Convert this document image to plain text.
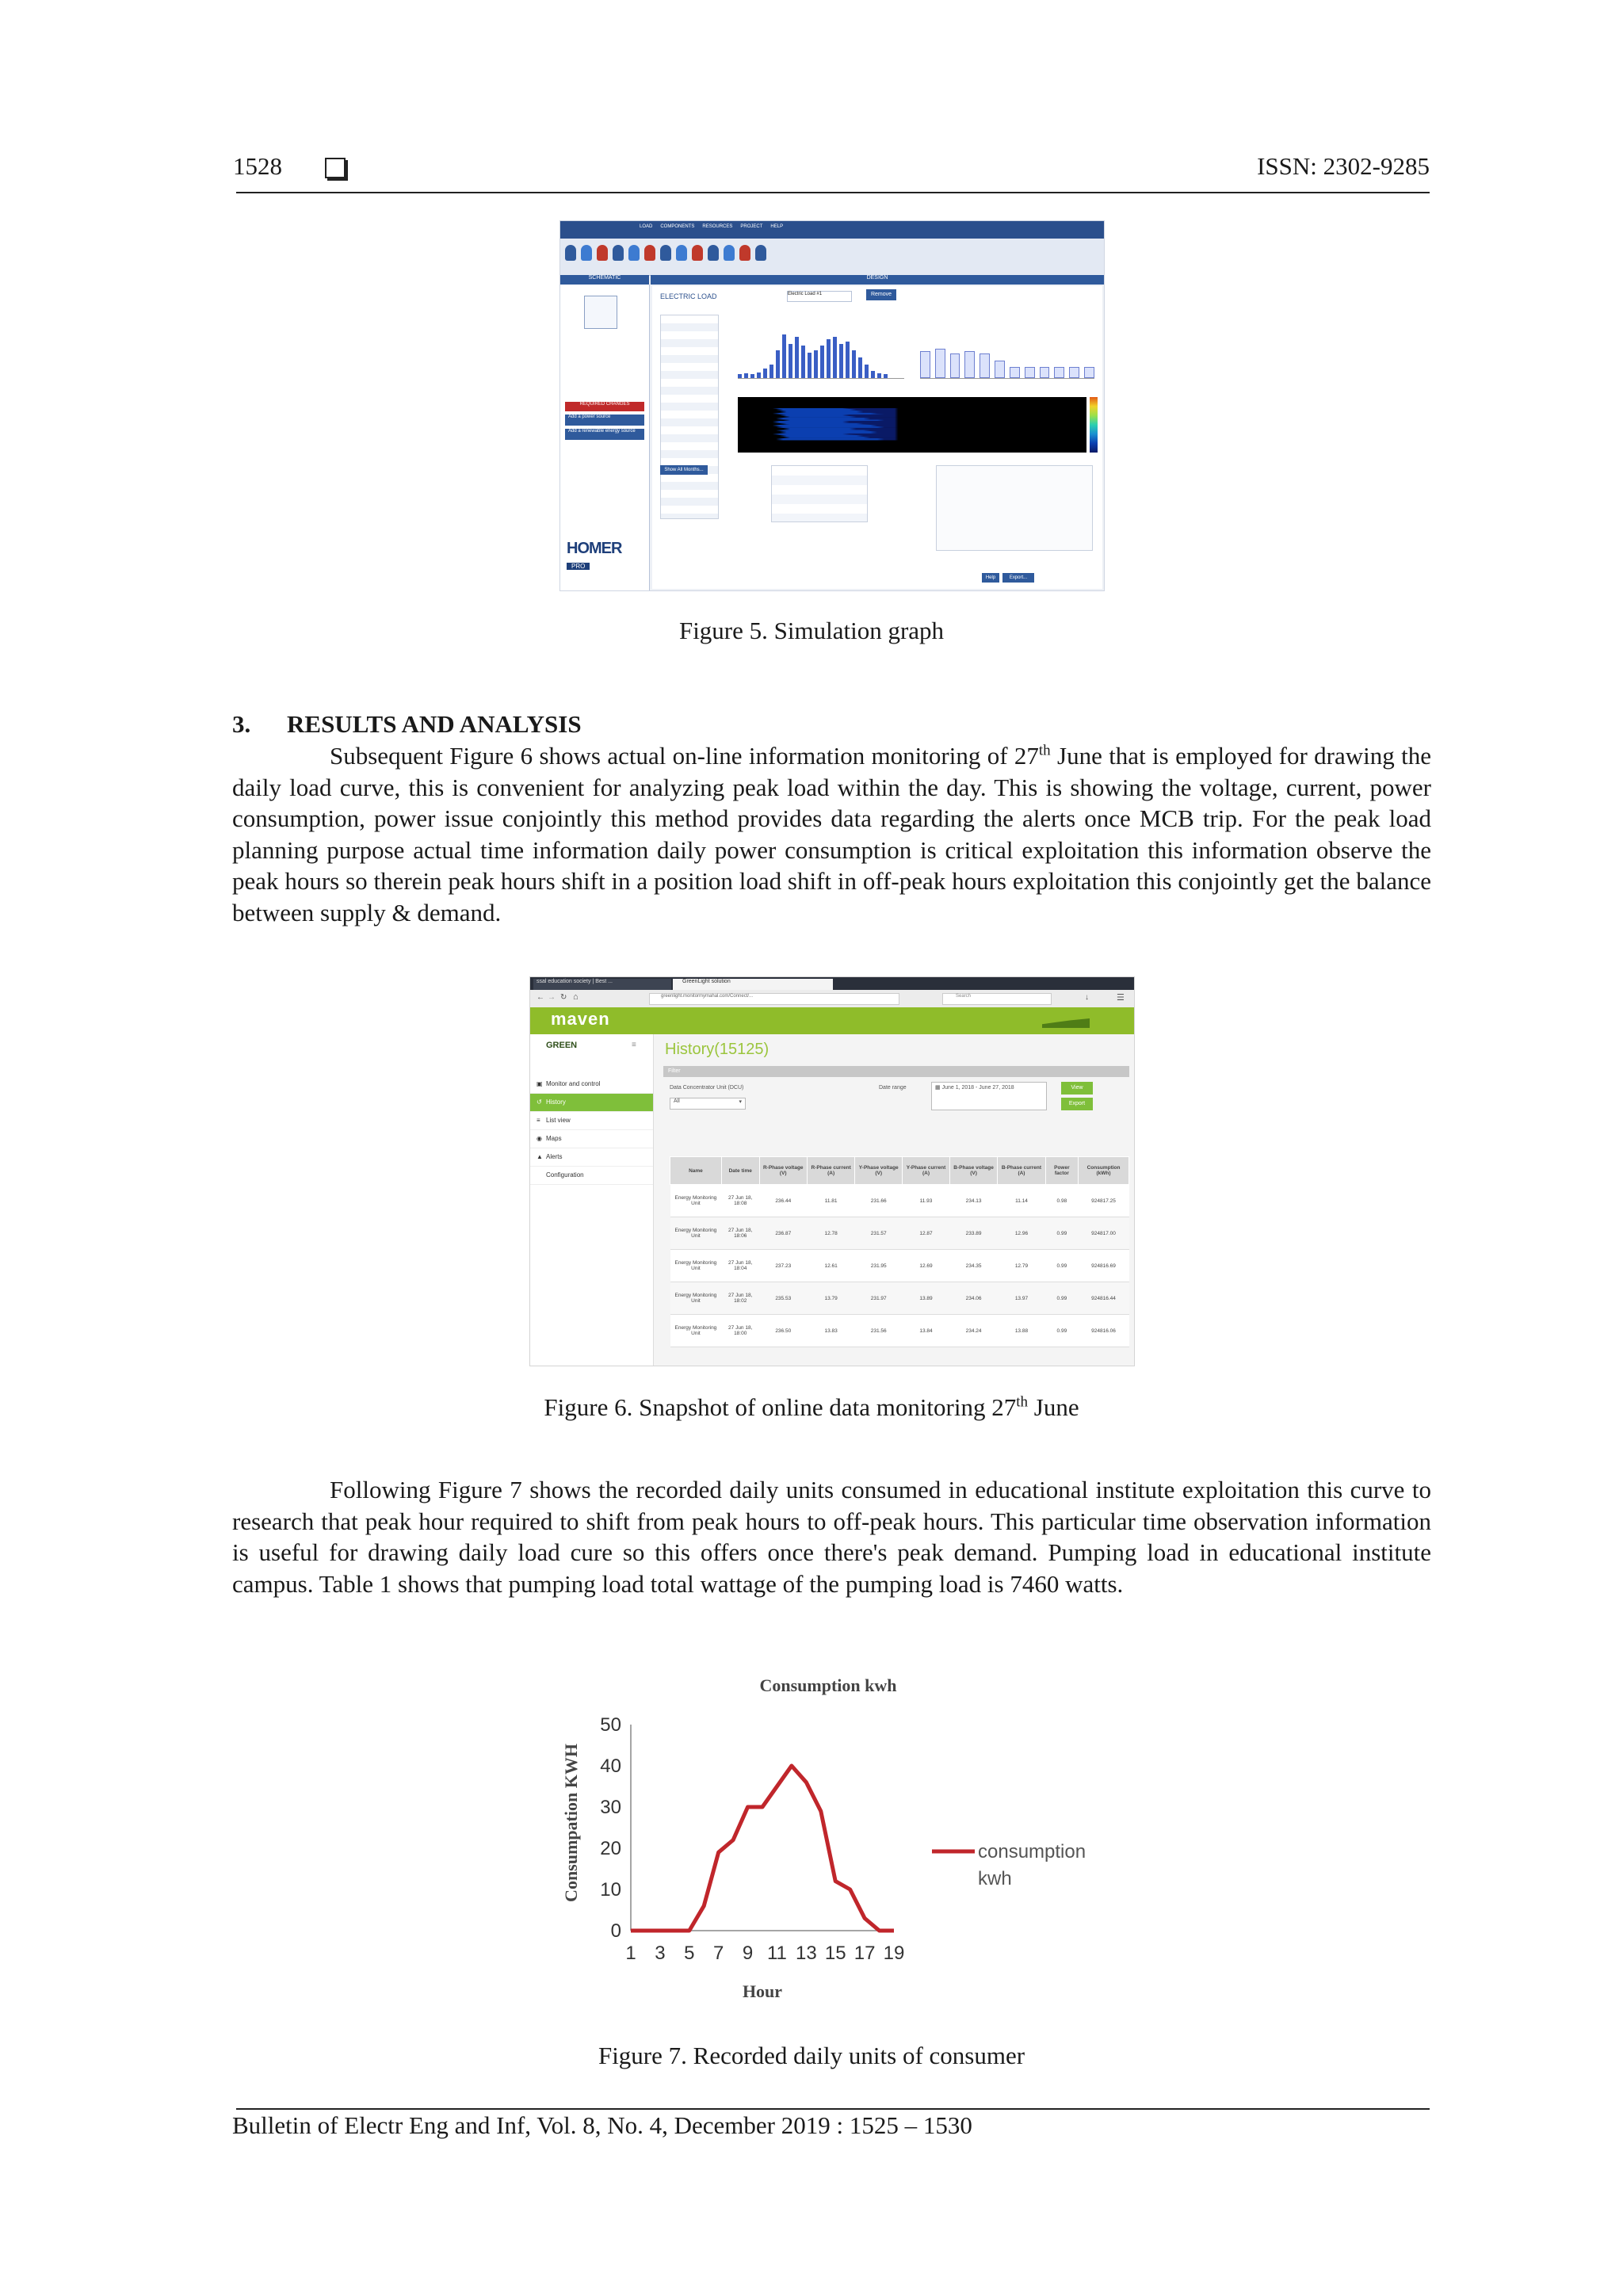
1528	ISSN: 2302-9285
LOAD COMPONENTS RESOURCES PROJECT HELP
SCHEMATIC	DESIGN
REQUIRED CHANGES
Add a power source
Add a renewable energy source
HOMER
PRO
ELECTRIC LOAD	Electric Load #1	Remove
Show All Months...
Help	Export...
Figure 5. Simulation graph
3. RESULTS AND ANALYSIS
Subsequent Figure 6 shows actual on-line information monitoring of 27th June that is employed for drawing the daily load curve, this is convenient for analyzing peak load within the day. This is showing the voltage, current, power consumption, power issue conjointly this method provides data regarding the alerts once MCB trip. For the peak load planning purpose actual time information daily power consumption is critical exploitation this information observe the peak hours so therein peak hours shift in a position load shift in off-peak hours exploitation this conjointly get the balance between supply & demand.
ssal education society | Best ...	GreenLight solution
← → ↻ ⌂	greenlight.monitormymahal.com/Connect/...	Search	↓	☰
maven
GREEN	≡
▣ Monitor and control
↺ History
≡ List view
◉ Maps
▲ Alerts
Configuration
History(15125)
Filter
Data Concentrator Unit (DCU)
All	▾
Date range	▦ June 1, 2018 - June 27, 2018	View
Export
Name	Date time	R-Phase voltage (V)	R-Phase current (A)	Y-Phase voltage (V)	Y-Phase current (A)	B-Phase voltage (V)	B-Phase current (A)	Power factor	Consumption (kWh)
Energy Monitoring Unit	27 Jun 18, 18:08	236.44	11.81	231.66	11.93	234.13	11.14	0.98	924817.25
Energy Monitoring Unit	27 Jun 18, 18:06	236.87	12.78	231.57	12.87	233.89	12.96	0.99	924817.00
Energy Monitoring Unit	27 Jun 18, 18:04	237.23	12.61	231.95	12.69	234.35	12.79	0.99	924816.69
Energy Monitoring Unit	27 Jun 18, 18:02	235.53	13.79	231.97	13.89	234.06	13.97	0.99	924816.44
Energy Monitoring Unit	27 Jun 18, 18:00	236.50	13.83	231.56	13.84	234.24	13.88	0.99	924816.06
Figure 6. Snapshot of online data monitoring 27th June
Following Figure 7 shows the recorded daily units consumed in educational institute exploitation this curve to research that peak hour required to shift from peak hours to off-peak hours. This particular time observation information is useful for drawing daily load cure so this offers once there's peak demand. Pumping load in educational institute campus. Table 1 shows that pumping load total wattage of the pumping load is 7460 watts.
Consumption kwh
Consumpation KWH
Hour
0
10
20
30
40
50
1 3 5 7 9 11 13 15 17 19
consumption
kwh
Figure 7. Recorded daily units of consumer
Bulletin of Electr Eng and Inf, Vol. 8, No. 4, December 2019 : 1525 – 1530
